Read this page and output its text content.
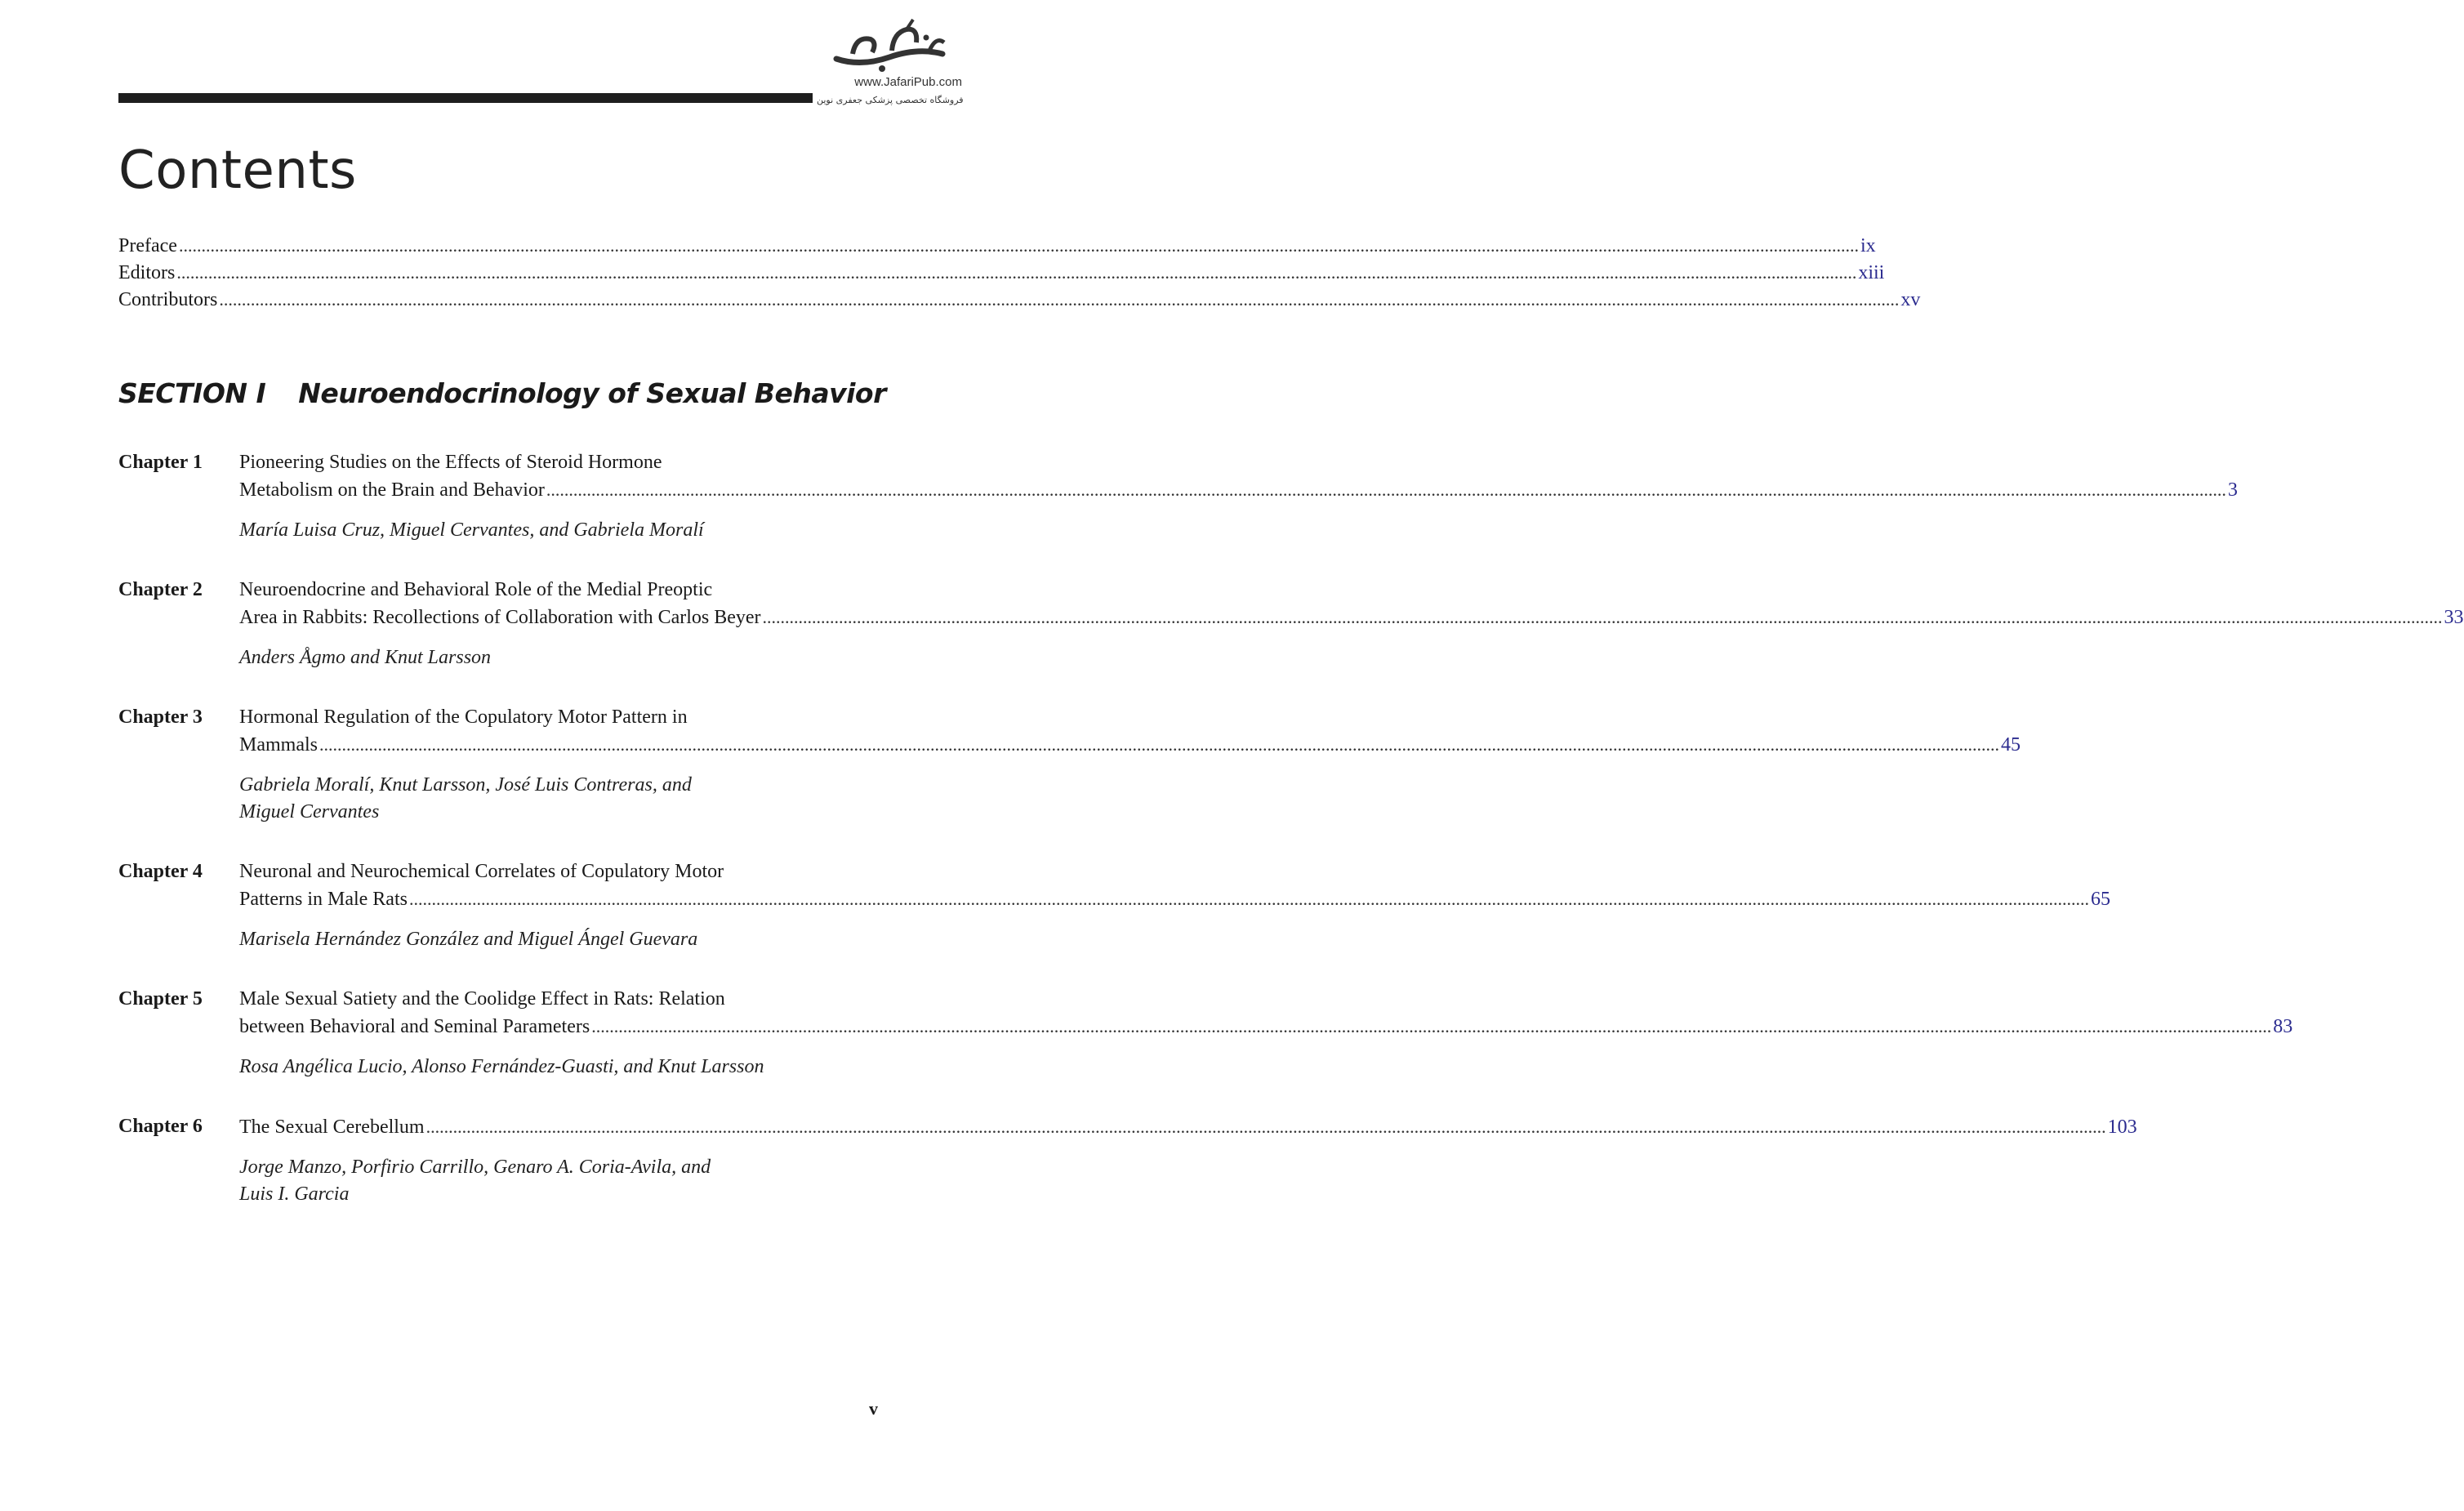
www.JafariPub.com
فروشگاه تخصصی پزشکی جعفری نوین
Contents
Preface .....	ix
Editors .....	xiii
Contributors .....	xv
SECTION I Neuroendocrinology of Sexual Behavior
Chapter 1	Pioneering Studies on the Effects of Steroid Hormone
Metabolism on the Brain and Behavior .....	3
María Luisa Cruz, Miguel Cervantes, and Gabriela Moralí
Chapter 2	Neuroendocrine and Behavioral Role of the Medial Preoptic
Area in Rabbits: Recollections of Collaboration with Carlos Beyer .....	33
Anders Ågmo and Knut Larsson
Chapter 3	Hormonal Regulation of the Copulatory Motor Pattern in
Mammals .....	45
Gabriela Moralí, Knut Larsson, José Luis Contreras, and
Miguel Cervantes
Chapter 4	Neuronal and Neurochemical Correlates of Copulatory Motor
Patterns in Male Rats .....	65
Marisela Hernández González and Miguel Ángel Guevara
Chapter 5	Male Sexual Satiety and the Coolidge Effect in Rats: Relation
between Behavioral and Seminal Parameters .....	83
Rosa Angélica Lucio, Alonso Fernández-Guasti, and Knut Larsson
Chapter 6	The Sexual Cerebellum .....	103
Jorge Manzo, Porfirio Carrillo, Genaro A. Coria-Avila, and
Luis I. Garcia
v
